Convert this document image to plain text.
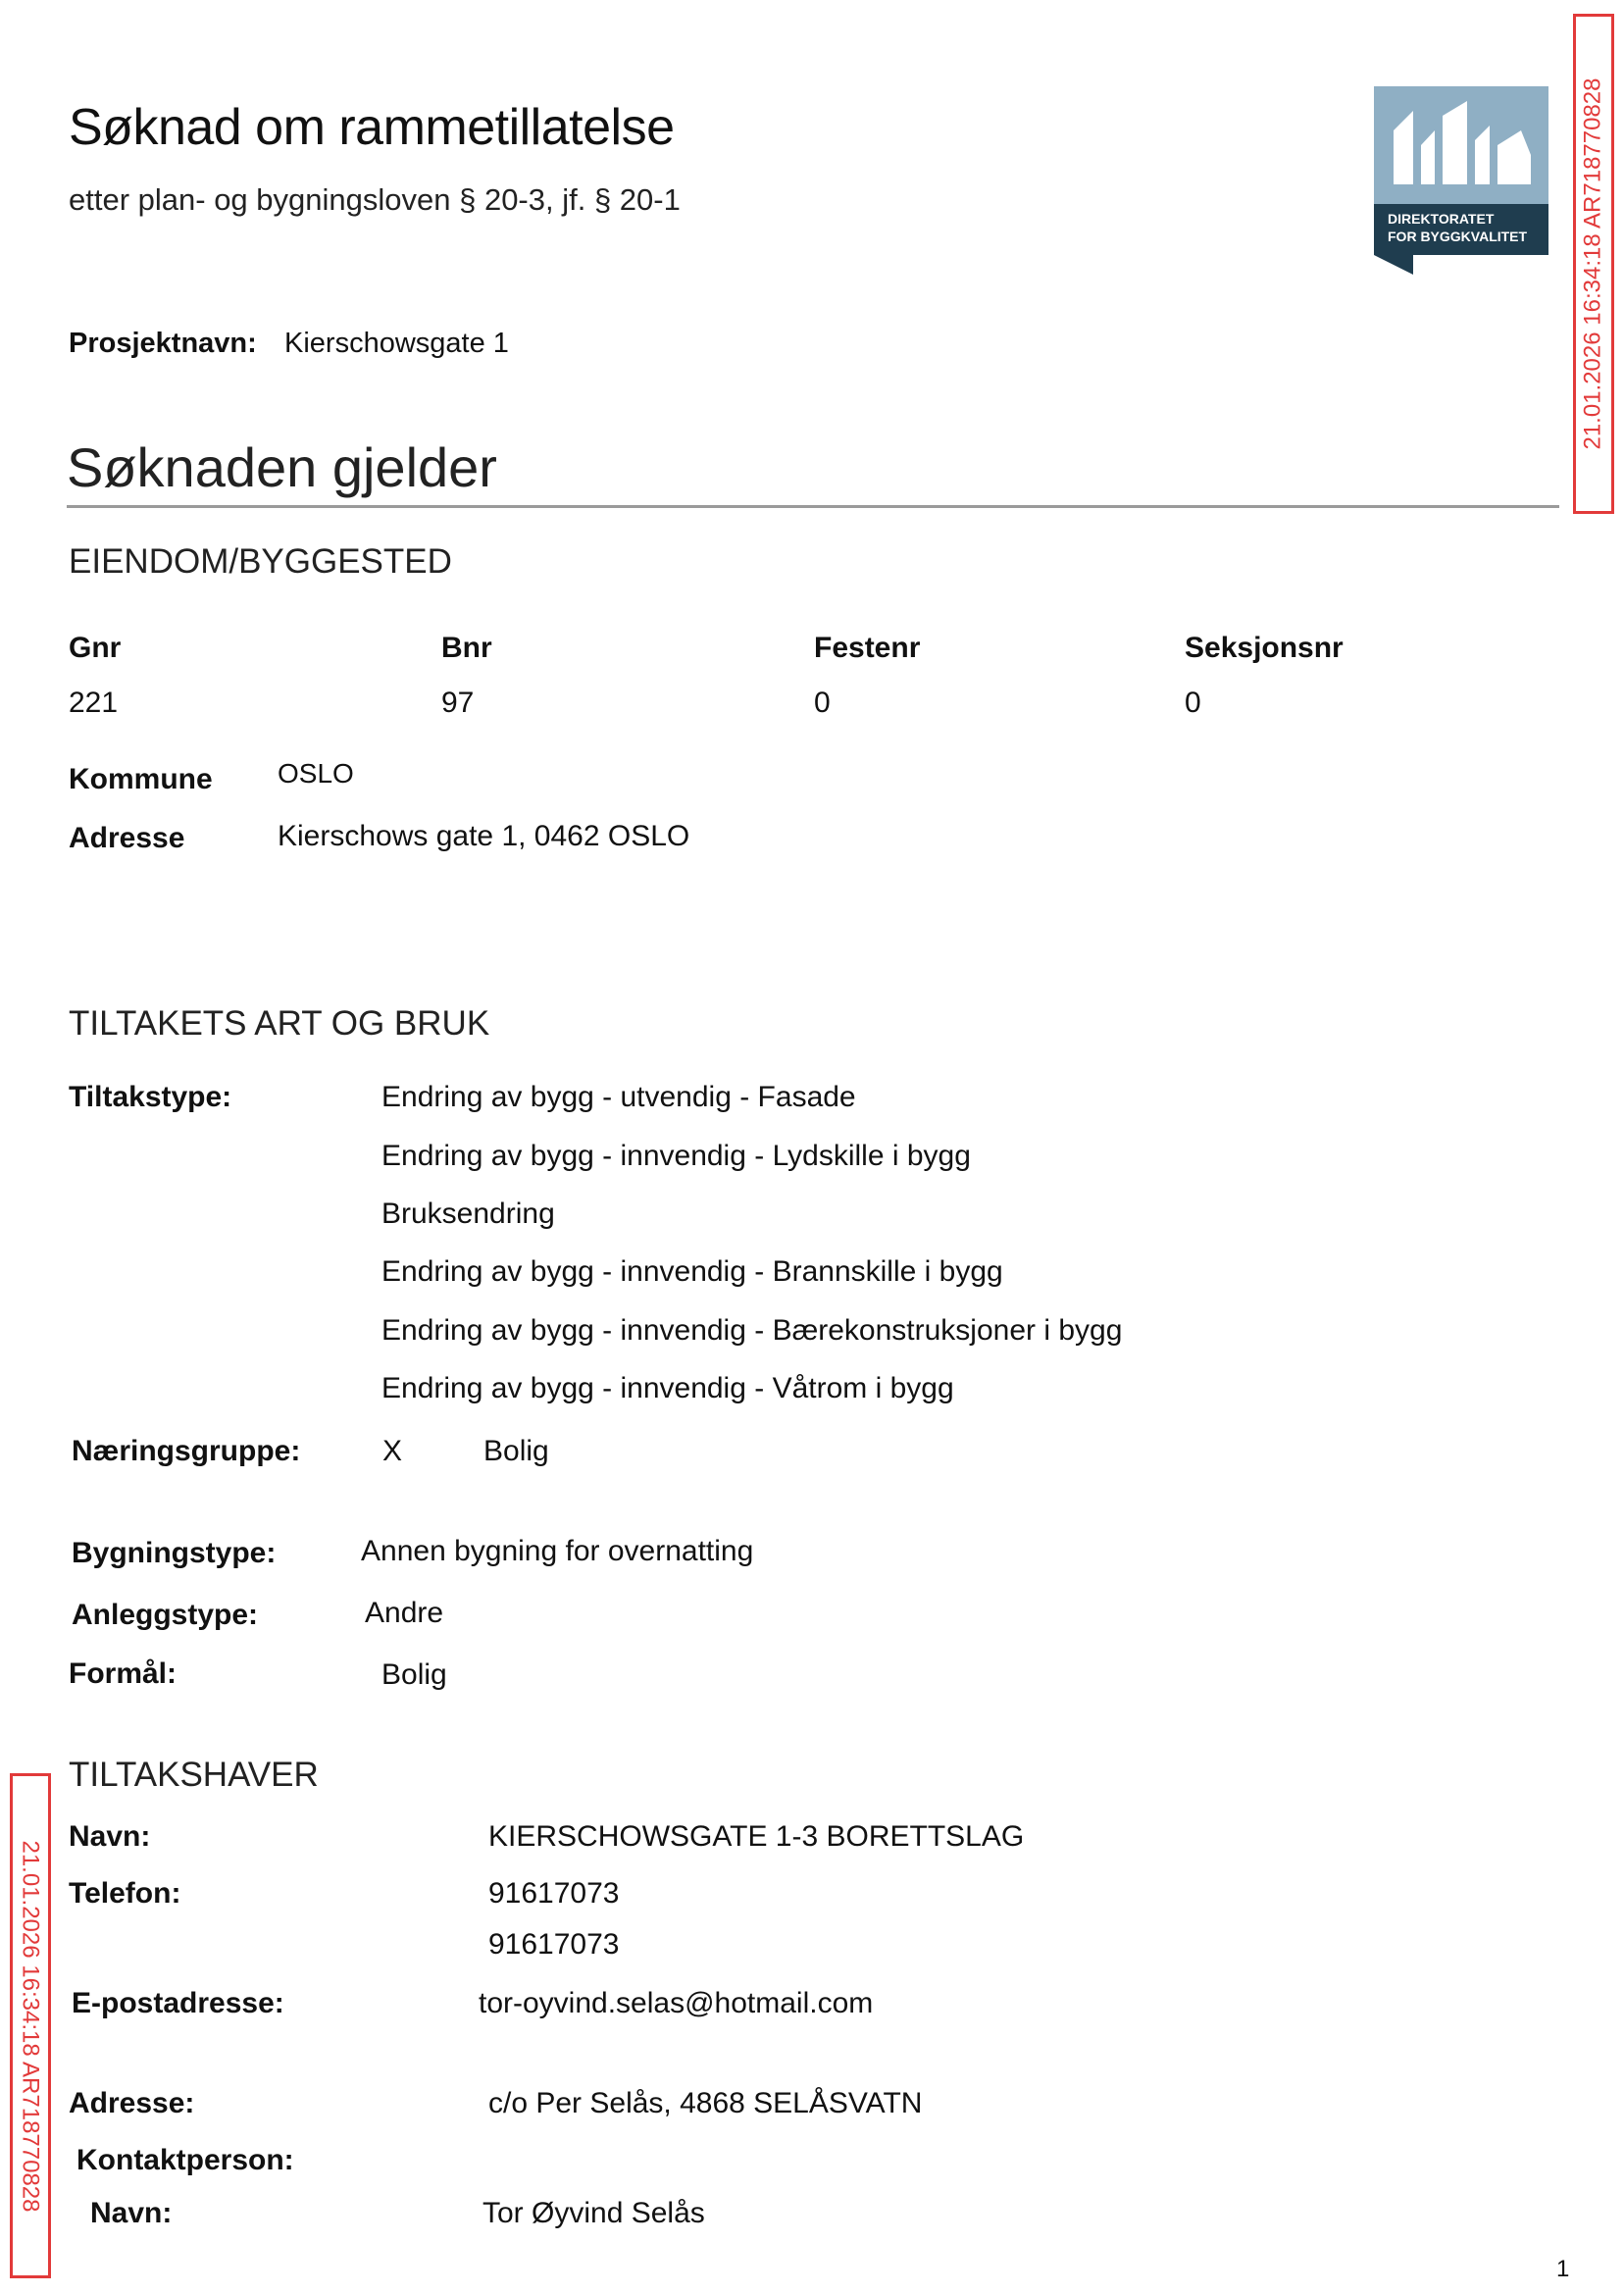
Søknad om rammetillatelse
etter plan- og bygningsloven § 20-3, jf. § 20-1
DIREKTORATET
FOR BYGGKVALITET 21.01.2026 16:34:18 AR718770828
21.01.2026 16:34:18 AR718770828
Prosjektnavn: Kierschowsgate 1
Søknaden gjelder
EIENDOM/BYGGESTED
Gnr	Bnr	Festenr	Seksjonsnr
221	97	0	0
Kommune OSLO
Adresse	Kierschows gate 1, 0462 OSLO
TILTAKETS ART OG BRUK
Tiltakstype:	Endring av bygg - utvendig - Fasade
Endring av bygg - innvendig - Lydskille i bygg
Bruksendring
Endring av bygg - innvendig - Brannskille i bygg
Endring av bygg - innvendig - Bærekonstruksjoner i bygg
Endring av bygg - innvendig - Våtrom i bygg
Næringsgruppe:	X	Bolig
Bygningstype:	Annen bygning for overnatting
Anleggstype:	Andre
Formål:	Bolig
TILTAKSHAVER
Navn:	KIERSCHOWSGATE 1-3 BORETTSLAG
Telefon:	91617073
91617073
E-postadresse:	tor-oyvind.selas@hotmail.com
Adresse:	c/o Per Selås, 4868 SELÅSVATN
Kontaktperson:
Navn:	Tor Øyvind Selås
1
